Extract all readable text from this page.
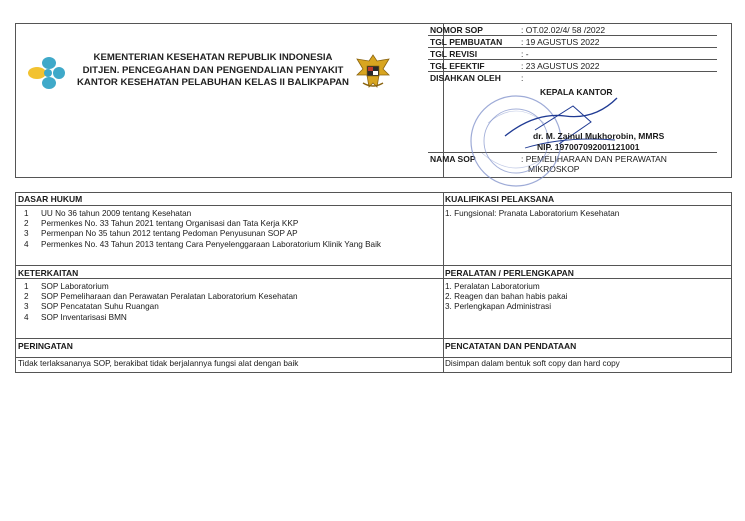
KEMENTERIAN KESEHATAN REPUBLIK INDONESIA
DITJEN. PENCEGAHAN DAN PENGENDALIAN PENYAKIT
KANTOR KESEHATAN PELABUHAN KELAS II BALIKPAPAN
NOMOR SOP	: OT.02.02/4/ 58 /2022
TGL PEMBUATAN : 19 AGUSTUS 2022
TGL REVISI	: -
TGL EFEKTIF	: 23 AGUSTUS 2022
DISAHKAN OLEH :
NAMA SOP	: PEMELIHARAAN DAN PERAWATAN
MIKROSKOP
KEPALA KANTOR
dr. M. Zainul Mukhorobin, MMRS
NIP. 197007092001121001
DASAR HUKUM
1 UU No 36 tahun 2009 tentang Kesehatan
2 Permenkes No. 33 Tahun 2021 tentang Organisasi dan Tata Kerja KKP
3 Permenpan No 35 tahun 2012 tentang Pedoman Penyusunan SOP AP
4 Permenkes No. 43 Tahun 2013 tentang Cara Penyelenggaraan Laboratorium Klinik Yang Baik
KUALIFIKASI PELAKSANA
1. Fungsional: Pranata Laboratorium Kesehatan
KETERKAITAN
1 SOP Laboratorium
2 SOP Pemeliharaan dan Perawatan Peralatan Laboratorium Kesehatan
3 SOP Pencatatan Suhu Ruangan
4 SOP Inventarisasi BMN
PERALATAN / PERLENGKAPAN
1. Peralatan Laboratorium
2. Reagen dan bahan habis pakai
3. Perlengkapan Administrasi
PERINGATAN
Tidak terlaksananya SOP, berakibat tidak berjalannya fungsi alat dengan baik
PENCATATAN DAN PENDATAAN
Disimpan dalam bentuk soft copy dan hard copy
